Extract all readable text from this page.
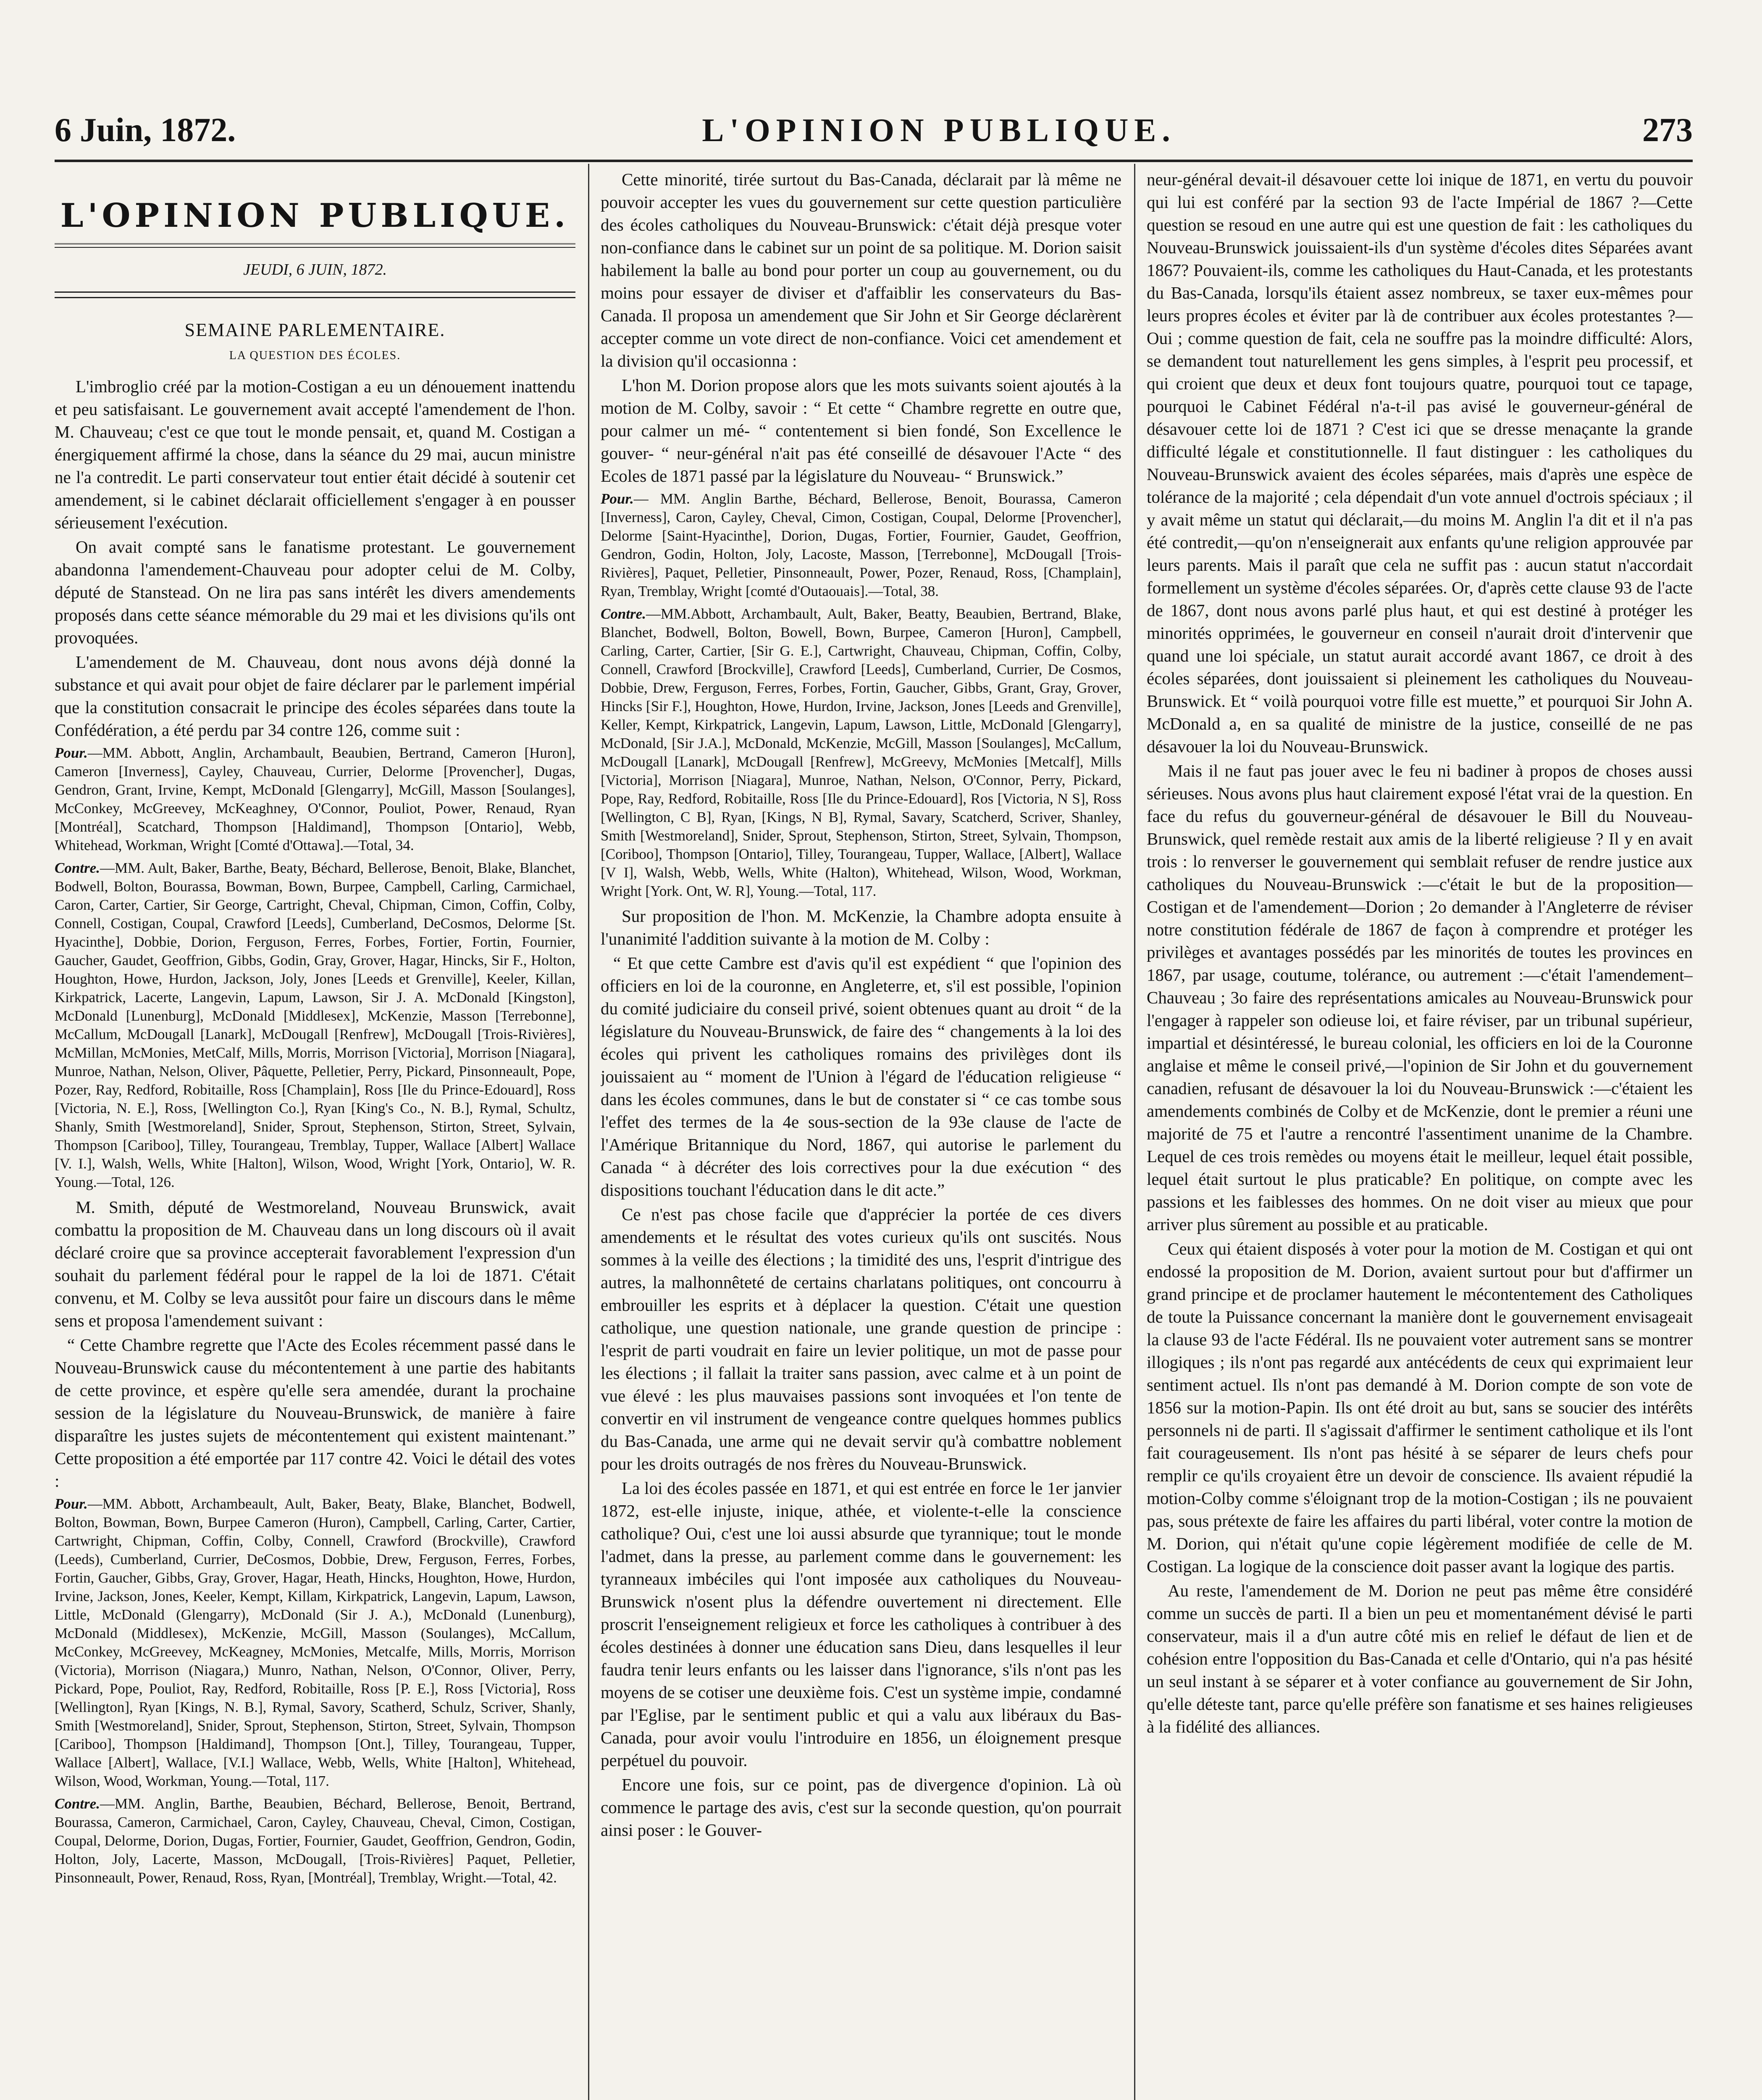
6 Juin, 1872.	L'OPINION PUBLIQUE.	273
L'OPINION PUBLIQUE.
JEUDI, 6 JUIN, 1872.
SEMAINE PARLEMENTAIRE.
LA QUESTION DES ÉCOLES.

L'imbroglio créé par la motion-Costigan a eu un dénouement inattendu et peu satisfaisant. Le gouvernement avait accepté l'amendement de l'hon. M. Chauveau; c'est ce que tout le monde pensait, et, quand M. Costigan a énergiquement affirmé la chose, dans la séance du 29 mai, aucun ministre ne l'a contredit. Le parti conservateur tout entier était décidé à soutenir cet amendement, si le cabinet déclarait officiellement s'engager à en pousser sérieusement l'exécution.

On avait compté sans le fanatisme protestant. Le gouvernement abandonna l'amendement-Chauveau pour adopter celui de M. Colby, député de Stanstead. On ne lira pas sans intérêt les divers amendements proposés dans cette séance mémorable du 29 mai et les divisions qu'ils ont provoquées.

L'amendement de M. Chauveau, dont nous avons déjà donné la substance et qui avait pour objet de faire déclarer par le parlement impérial que la constitution consacrait le principe des écoles séparées dans toute la Confédération, a été perdu par 34 contre 126, comme suit :

Pour.—MM. Abbott, Anglin, Archambault, Beaubien, Bertrand, Cameron [Huron], Cameron [Inverness], Cayley, Chauveau, Currier, Delorme [Provencher], Dugas, Gendron, Grant, Irvine, Kempt, McDonald [Glengarry], McGill, Masson [Soulanges], McConkey, McGreevey, McKeaghney, O'Connor, Pouliot, Power, Renaud, Ryan [Montréal], Scatchard, Thompson [Haldimand], Thompson [Ontario], Webb, Whitehead, Workman, Wright [Comté d'Ottawa].—Total, 34.

Contre.—MM. Ault, Baker, Barthe, Beaty, Béchard, Bellerose, Benoit, Blake, Blanchet, Bodwell, Bolton, Bourassa, Bowman, Bown, Burpee, Campbell, Carling, Carmichael, Caron, Carter, Cartier, Sir George, Cartright, Cheval, Chipman, Cimon, Coffin, Colby, Connell, Costigan, Coupal, Crawford [Leeds], Cumberland, DeCosmos, Delorme [St. Hyacinthe], Dobbie, Dorion, Ferguson, Ferres, Forbes, Fortier, Fortin, Fournier, Gaucher, Gaudet, Geoffrion, Gibbs, Godin, Gray, Grover, Hagar, Hincks, Sir F., Holton, Houghton, Howe, Hurdon, Jackson, Joly, Jones [Leeds et Grenville], Keeler, Killan, Kirkpatrick, Lacerte, Langevin, Lapum, Lawson, Sir J. A. McDonald [Kingston], McDonald [Lunenburg], McDonald [Middlesex], McKenzie, Masson [Terrebonne], McCallum, McDougall [Lanark], McDougall [Renfrew], McDougall [Trois-Rivières], McMillan, McMonies, MetCalf, Mills, Morris, Morrison [Victoria], Morrison [Niagara], Munroe, Nathan, Nelson, Oliver, Pâquette, Pelletier, Perry, Pickard, Pinsonneault, Pope, Pozer, Ray, Redford, Robitaille, Ross [Champlain], Ross [Ile du Prince-Edouard], Ross [Victoria, N. E.], Ross, [Wellington Co.], Ryan [King's Co., N. B.], Rymal, Schultz, Shanly, Smith [Westmoreland], Snider, Sprout, Stephenson, Stirton, Street, Sylvain, Thompson [Cariboo], Tilley, Tourangeau, Tremblay, Tupper, Wallace [Albert] Wallace [V. I.], Walsh, Wells, White [Halton], Wilson, Wood, Wright [York, Ontario], W. R. Young.—Total, 126.

M. Smith, député de Westmoreland, Nouveau Brunswick, avait combattu la proposition de M. Chauveau dans un long discours où il avait déclaré croire que sa province accepterait favorablement l'expression d'un souhait du parlement fédéral pour le rappel de la loi de 1871. C'était convenu, et M. Colby se leva aussitôt pour faire un discours dans le même sens et proposa l'amendement suivant :

“ Cette Chambre regrette que l'Acte des Ecoles récemment passé dans le Nouveau-Brunswick cause du mécontentement à une partie des habitants de cette province, et espère qu'elle sera amendée, durant la prochaine session de la législature du Nouveau-Brunswick, de manière à faire disparaître les justes sujets de mécontentement qui existent maintenant.” Cette proposition a été emportée par 117 contre 42. Voici le détail des votes :

Pour.—MM. Abbott, Archambeault, Ault, Baker, Beaty, Blake, Blanchet, Bodwell, Bolton, Bowman, Bown, Burpee Cameron (Huron), Campbell, Carling, Carter, Cartier, Cartwright, Chipman, Coffin, Colby, Connell, Crawford (Brockville), Crawford (Leeds), Cumberland, Currier, DeCosmos, Dobbie, Drew, Ferguson, Ferres, Forbes, Fortin, Gaucher, Gibbs, Gray, Grover, Hagar, Heath, Hincks, Houghton, Howe, Hurdon, Irvine, Jackson, Jones, Keeler, Kempt, Killam, Kirkpatrick, Langevin, Lapum, Lawson, Little, McDonald (Glengarry), McDonald (Sir J. A.), McDonald (Lunenburg), McDonald (Middlesex), McKenzie, McGill, Masson (Soulanges), McCallum, McConkey, McGreevey, McKeagney, McMonies, Metcalfe, Mills, Morris, Morrison (Victoria), Morrison (Niagara,) Munro, Nathan, Nelson, O'Connor, Oliver, Perry, Pickard, Pope, Pouliot, Ray, Redford, Robitaille, Ross [P. E.], Ross [Victoria], Ross [Wellington], Ryan [Kings, N. B.], Rymal, Savory, Scatherd, Schulz, Scriver, Shanly, Smith [Westmoreland], Snider, Sprout, Stephenson, Stirton, Street, Sylvain, Thompson [Cariboo], Thompson [Haldimand], Thompson [Ont.], Tilley, Tourangeau, Tupper, Wallace [Albert], Wallace, [V.I.] Wallace, Webb, Wells, White [Halton], Whitehead, Wilson, Wood, Workman, Young.—Total, 117.

Contre.—MM. Anglin, Barthe, Beaubien, Béchard, Bellerose, Benoit, Bertrand, Bourassa, Cameron, Carmichael, Caron, Cayley, Chauveau, Cheval, Cimon, Costigan, Coupal, Delorme, Dorion, Dugas, Fortier, Fournier, Gaudet, Geoffrion, Gendron, Godin, Holton, Joly, Lacerte, Masson, McDougall, [Trois-Rivières] Paquet, Pelletier, Pinsonneault, Power, Renaud, Ross, Ryan, [Montréal], Tremblay, Wright.—Total, 42.

Cette minorité, tirée surtout du Bas-Canada, déclarait par là même ne pouvoir accepter les vues du gouvernement sur cette question particulière des écoles catholiques du Nouveau-Brunswick: c'était déjà presque voter non-confiance dans le cabinet sur un point de sa politique. M. Dorion saisit habilement la balle au bond pour porter un coup au gouvernement, ou du moins pour essayer de diviser et d'affaiblir les conservateurs du Bas-Canada. Il proposa un amendement que Sir John et Sir George déclarèrent accepter comme un vote direct de non-confiance. Voici cet amendement et la division qu'il occasionna :

L'hon M. Dorion propose alors que les mots suivants soient ajoutés à la motion de M. Colby, savoir : “ Et cette “ Chambre regrette en outre que, pour calmer un mé- “ contentement si bien fondé, Son Excellence le gouver- “ neur-général n'ait pas été conseillé de désavouer l'Acte “ des Ecoles de 1871 passé par la législature du Nouveau- “ Brunswick.”

Pour.— MM. Anglin Barthe, Béchard, Bellerose, Benoit, Bourassa, Cameron [Inverness], Caron, Cayley, Cheval, Cimon, Costigan, Coupal, Delorme [Provencher], Delorme [Saint-Hyacinthe], Dorion, Dugas, Fortier, Fournier, Gaudet, Geoffrion, Gendron, Godin, Holton, Joly, Lacoste, Masson, [Terrebonne], McDougall [Trois-Rivières], Paquet, Pelletier, Pinsonneault, Power, Pozer, Renaud, Ross, [Champlain], Ryan, Tremblay, Wright [comté d'Outaouais].—Total, 38.

Contre.—MM.Abbott, Archambault, Ault, Baker, Beatty, Beaubien, Bertrand, Blake, Blanchet, Bodwell, Bolton, Bowell, Bown, Burpee, Cameron [Huron], Campbell, Carling, Carter, Cartier, [Sir G. E.], Cartwright, Chauveau, Chipman, Coffin, Colby, Connell, Crawford [Brockville], Crawford [Leeds], Cumberland, Currier, De Cosmos, Dobbie, Drew, Ferguson, Ferres, Forbes, Fortin, Gaucher, Gibbs, Grant, Gray, Grover, Hincks [Sir F.], Houghton, Howe, Hurdon, Irvine, Jackson, Jones [Leeds and Grenville], Keller, Kempt, Kirkpatrick, Langevin, Lapum, Lawson, Little, McDonald [Glengarry], McDonald, [Sir J.A.], McDonald, McKenzie, McGill, Masson [Soulanges], McCallum, McDougall [Lanark], McDougall [Renfrew], McGreevy, McMonies [Metcalf], Mills [Victoria], Morrison [Niagara], Munroe, Nathan, Nelson, O'Connor, Perry, Pickard, Pope, Ray, Redford, Robitaille, Ross [Ile du Prince-Edouard], Ros [Victoria, N S], Ross [Wellington, C B], Ryan, [Kings, N B], Rymal, Savary, Scatcherd, Scriver, Shanley, Smith [Westmoreland], Snider, Sprout, Stephenson, Stirton, Street, Sylvain, Thompson, [Coriboo], Thompson [Ontario], Tilley, Tourangeau, Tupper, Wallace, [Albert], Wallace [V I], Walsh, Webb, Wells, White (Halton), Whitehead, Wilson, Wood, Workman, Wright [York. Ont, W. R], Young.—Total, 117.

Sur proposition de l'hon. M. McKenzie, la Chambre adopta ensuite à l'unanimité l'addition suivante à la motion de M. Colby :

“ Et que cette Cambre est d'avis qu'il est expédient “ que l'opinion des officiers en loi de la couronne, en Angleterre, et, s'il est possible, l'opinion du comité judiciaire du conseil privé, soient obtenues quant au droit “ de la législature du Nouveau-Brunswick, de faire des “ changements à la loi des écoles qui privent les catholiques romains des privilèges dont ils jouissaient au “ moment de l'Union à l'égard de l'éducation religieuse “ dans les écoles communes, dans le but de constater si “ ce cas tombe sous l'effet des termes de la 4e sous-section de la 93e clause de l'acte de l'Amérique Britannique du Nord, 1867, qui autorise le parlement du Canada “ à décréter des lois correctives pour la due exécution “ des dispositions touchant l'éducation dans le dit acte.”

Ce n'est pas chose facile que d'apprécier la portée de ces divers amendements et le résultat des votes curieux qu'ils ont suscités. Nous sommes à la veille des élections ; la timidité des uns, l'esprit d'intrigue des autres, la malhonnêteté de certains charlatans politiques, ont concourru à embrouiller les esprits et à déplacer la question. C'était une question catholique, une question nationale, une grande question de principe : l'esprit de parti voudrait en faire un levier politique, un mot de passe pour les élections ; il fallait la traiter sans passion, avec calme et à un point de vue élevé : les plus mauvaises passions sont invoquées et l'on tente de convertir en vil instrument de vengeance contre quelques hommes publics du Bas-Canada, une arme qui ne devait servir qu'à combattre noblement pour les droits outragés de nos frères du Nouveau-Brunswick.

La loi des écoles passée en 1871, et qui est entrée en force le 1er janvier 1872, est-elle injuste, inique, athée, et violente-t-elle la conscience catholique? Oui, c'est une loi aussi absurde que tyrannique; tout le monde l'admet, dans la presse, au parlement comme dans le gouvernement: les tyranneaux imbéciles qui l'ont imposée aux catholiques du Nouveau-Brunswick n'osent plus la défendre ouvertement ni directement. Elle proscrit l'enseignement religieux et force les catholiques à contribuer à des écoles destinées à donner une éducation sans Dieu, dans lesquelles il leur faudra tenir leurs enfants ou les laisser dans l'ignorance, s'ils n'ont pas les moyens de se cotiser une deuxième fois. C'est un système impie, condamné par l'Eglise, par le sentiment public et qui a valu aux libéraux du Bas-Canada, pour avoir voulu l'introduire en 1856, un éloignement presque perpétuel du pouvoir.

Encore une fois, sur ce point, pas de divergence d'opinion. Là où commence le partage des avis, c'est sur la seconde question, qu'on pourrait ainsi poser : le Gouver-

neur-général devait-il désavouer cette loi inique de 1871, en vertu du pouvoir qui lui est conféré par la section 93 de l'acte Impérial de 1867 ?—Cette question se resoud en une autre qui est une question de fait : les catholiques du Nouveau-Brunswick jouissaient-ils d'un système d'écoles dites Séparées avant 1867? Pouvaient-ils, comme les catholiques du Haut-Canada, et les protestants du Bas-Canada, lorsqu'ils étaient assez nombreux, se taxer eux-mêmes pour leurs propres écoles et éviter par là de contribuer aux écoles protestantes ?—Oui ; comme question de fait, cela ne souffre pas la moindre difficulté: Alors, se demandent tout naturellement les gens simples, à l'esprit peu processif, et qui croient que deux et deux font toujours quatre, pourquoi tout ce tapage, pourquoi le Cabinet Fédéral n'a-t-il pas avisé le gouverneur-général de désavouer cette loi de 1871 ? C'est ici que se dresse menaçante la grande difficulté légale et constitutionnelle. Il faut distinguer : les catholiques du Nouveau-Brunswick avaient des écoles séparées, mais d'après une espèce de tolérance de la majorité ; cela dépendait d'un vote annuel d'octrois spéciaux ; il y avait même un statut qui déclarait,—du moins M. Anglin l'a dit et il n'a pas été contredit,—qu'on n'enseignerait aux enfants qu'une religion approuvée par leurs parents. Mais il paraît que cela ne suffit pas : aucun statut n'accordait formellement un système d'écoles séparées. Or, d'après cette clause 93 de l'acte de 1867, dont nous avons parlé plus haut, et qui est destiné à protéger les minorités opprimées, le gouverneur en conseil n'aurait droit d'intervenir que quand une loi spéciale, un statut aurait accordé avant 1867, ce droit à des écoles séparées, dont jouissaient si pleinement les catholiques du Nouveau-Brunswick. Et “ voilà pourquoi votre fille est muette,” et pourquoi Sir John A. McDonald a, en sa qualité de ministre de la justice, conseillé de ne pas désavouer la loi du Nouveau-Brunswick.

Mais il ne faut pas jouer avec le feu ni badiner à propos de choses aussi sérieuses. Nous avons plus haut clairement exposé l'état vrai de la question. En face du refus du gouverneur-général de désavouer le Bill du Nouveau-Brunswick, quel remède restait aux amis de la liberté religieuse ? Il y en avait trois : lo renverser le gouvernement qui semblait refuser de rendre justice aux catholiques du Nouveau-Brunswick :—c'était le but de la proposition—Costigan et de l'amendement—Dorion ; 2o demander à l'Angleterre de réviser notre constitution fédérale de 1867 de façon à comprendre et protéger les privilèges et avantages possédés par les minorités de toutes les provinces en 1867, par usage, coutume, tolérance, ou autrement :—c'était l'amendement–Chauveau ; 3o faire des représentations amicales au Nouveau-Brunswick pour l'engager à rappeler son odieuse loi, et faire réviser, par un tribunal supérieur, impartial et désintéressé, le bureau colonial, les officiers en loi de la Couronne anglaise et même le conseil privé,—l'opinion de Sir John et du gouvernement canadien, refusant de désavouer la loi du Nouveau-Brunswick :—c'étaient les amendements combinés de Colby et de McKenzie, dont le premier a réuni une majorité de 75 et l'autre a rencontré l'assentiment unanime de la Chambre. Lequel de ces trois remèdes ou moyens était le meilleur, lequel était possible, lequel était surtout le plus praticable? En politique, on compte avec les passions et les faiblesses des hommes. On ne doit viser au mieux que pour arriver plus sûrement au possible et au praticable.

Ceux qui étaient disposés à voter pour la motion de M. Costigan et qui ont endossé la proposition de M. Dorion, avaient surtout pour but d'affirmer un grand principe et de proclamer hautement le mécontentement des Catholiques de toute la Puissance concernant la manière dont le gouvernement envisageait la clause 93 de l'acte Fédéral. Ils ne pouvaient voter autrement sans se montrer illogiques ; ils n'ont pas regardé aux antécédents de ceux qui exprimaient leur sentiment actuel. Ils n'ont pas demandé à M. Dorion compte de son vote de 1856 sur la motion-Papin. Ils ont été droit au but, sans se soucier des intérêts personnels ni de parti. Il s'agissait d'affirmer le sentiment catholique et ils l'ont fait courageusement. Ils n'ont pas hésité à se séparer de leurs chefs pour remplir ce qu'ils croyaient être un devoir de conscience. Ils avaient répudié la motion-Colby comme s'éloignant trop de la motion-Costigan ; ils ne pouvaient pas, sous prétexte de faire les affaires du parti libéral, voter contre la motion de M. Dorion, qui n'était qu'une copie légèrement modifiée de celle de M. Costigan. La logique de la conscience doit passer avant la logique des partis.

Au reste, l'amendement de M. Dorion ne peut pas même être considéré comme un succès de parti. Il a bien un peu et momentanément dévisé le parti conservateur, mais il a d'un autre côté mis en relief le défaut de lien et de cohésion entre l'opposition du Bas-Canada et celle d'Ontario, qui n'a pas hésité un seul instant à se séparer et à voter confiance au gouvernement de Sir John, qu'elle déteste tant, parce qu'elle préfère son fanatisme et ses haines religieuses à la fidélité des alliances.
